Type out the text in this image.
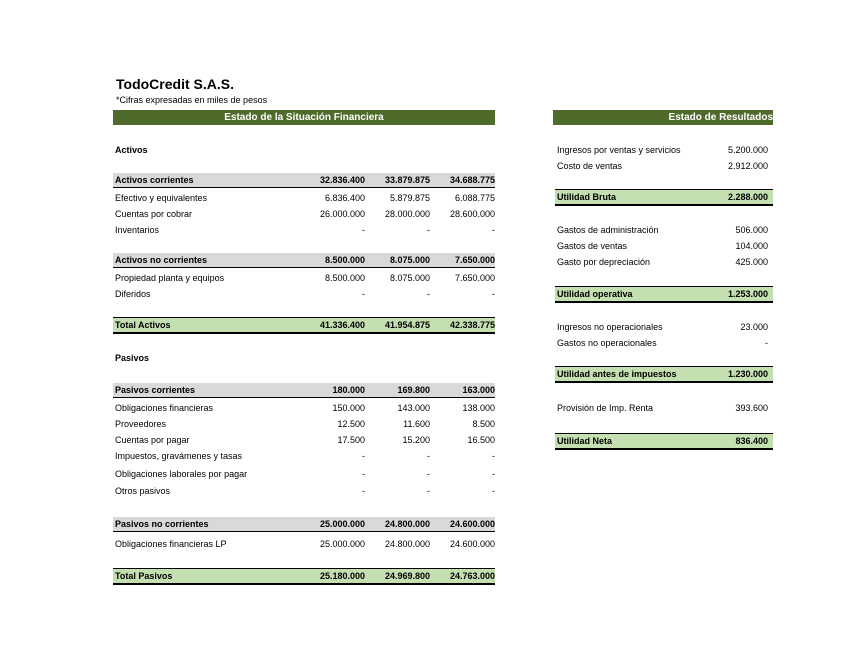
TodoCredit S.A.S.
*Cifras expresadas en miles de pesos
Estado de la Situación Financiera	Estado de Resultados
Activos
Activos corrientes	32.836.400	33.879.875	34.688.775
Efectivo y equivalentes	6.836.400	5.879.875	6.088.775
Cuentas por cobrar	26.000.000	28.000.000	28.600.000
Inventarios	-	-	-
Activos no corrientes	8.500.000	8.075.000	7.650.000
Propiedad planta y equipos	8.500.000	8.075.000	7.650.000
Diferidos	-	-	-
Total Activos	41.336.400	41.954.875	42.338.775
Pasivos
Pasivos corrientes	180.000	169.800	163.000
Obligaciones financieras	150.000	143.000	138.000
Proveedores	12.500	11.600	8.500
Cuentas por pagar	17.500	15.200	16.500
Impuestos, gravámenes y tasas	-	-	-
Obligaciones laborales por pagar	-	-	-
Otros pasivos	-	-	-
Pasivos no corrientes	25.000.000	24.800.000	24.600.000
Obligaciones financieras LP	25.000.000	24.800.000	24.600.000
Total Pasivos	25.180.000	24.969.800	24.763.000
Ingresos por ventas y servicios	5.200.000
Costo de ventas	2.912.000
Utilidad Bruta	2.288.000
Gastos de administración	506.000
Gastos de ventas	104.000
Gasto por depreciación	425.000
Utilidad operativa	1.253.000
Ingresos no operacionales	23.000
Gastos no operacionales	-
Utilidad antes de impuestos	1.230.000
Provisión de Imp. Renta	393.600
Utilidad Neta	836.400
